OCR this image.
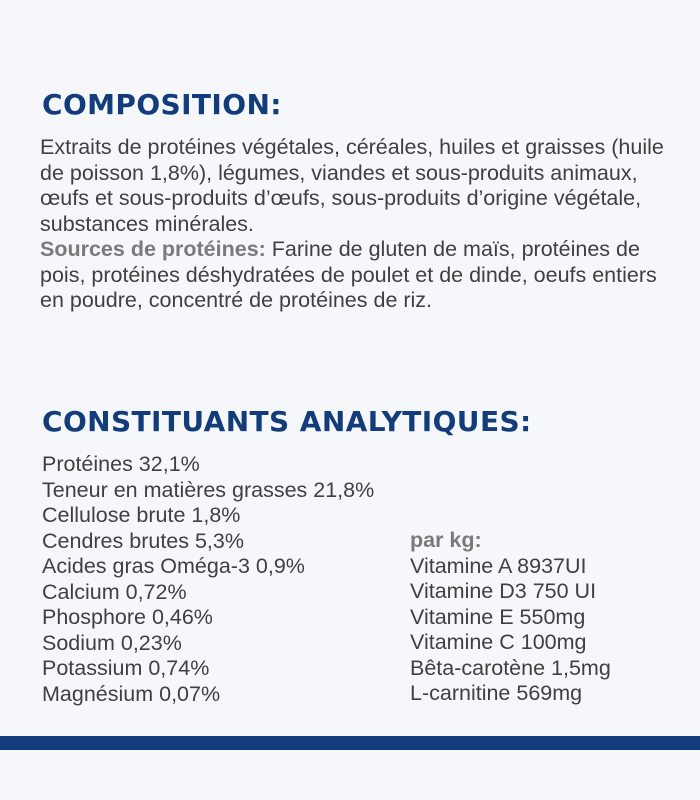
COMPOSITION:

Extraits de protéines végétales, céréales, huiles et graisses (huile de poisson 1,8%), légumes, viandes et sous-produits animaux, œufs et sous-produits d’œufs, sous-produits d’origine végétale, substances minérales.

Sources de protéines: Farine de gluten de maïs, protéines de pois, protéines déshydratées de poulet et de dinde, oeufs entiers en poudre, concentré de protéines de riz.

CONSTITUANTS ANALYTIQUES:
Protéines 32,1%
Teneur en matières grasses 21,8%
Cellulose brute 1,8%
Cendres brutes 5,3%
Acides gras Oméga-3 0,9%
Calcium 0,72%
Phosphore 0,46%
Sodium 0,23%
Potassium 0,74%
Magnésium 0,07%
par kg:
Vitamine A 8937UI
Vitamine D3 750 UI
Vitamine E 550mg
Vitamine C 100mg
Bêta-carotène 1,5mg
L-carnitine 569mg
